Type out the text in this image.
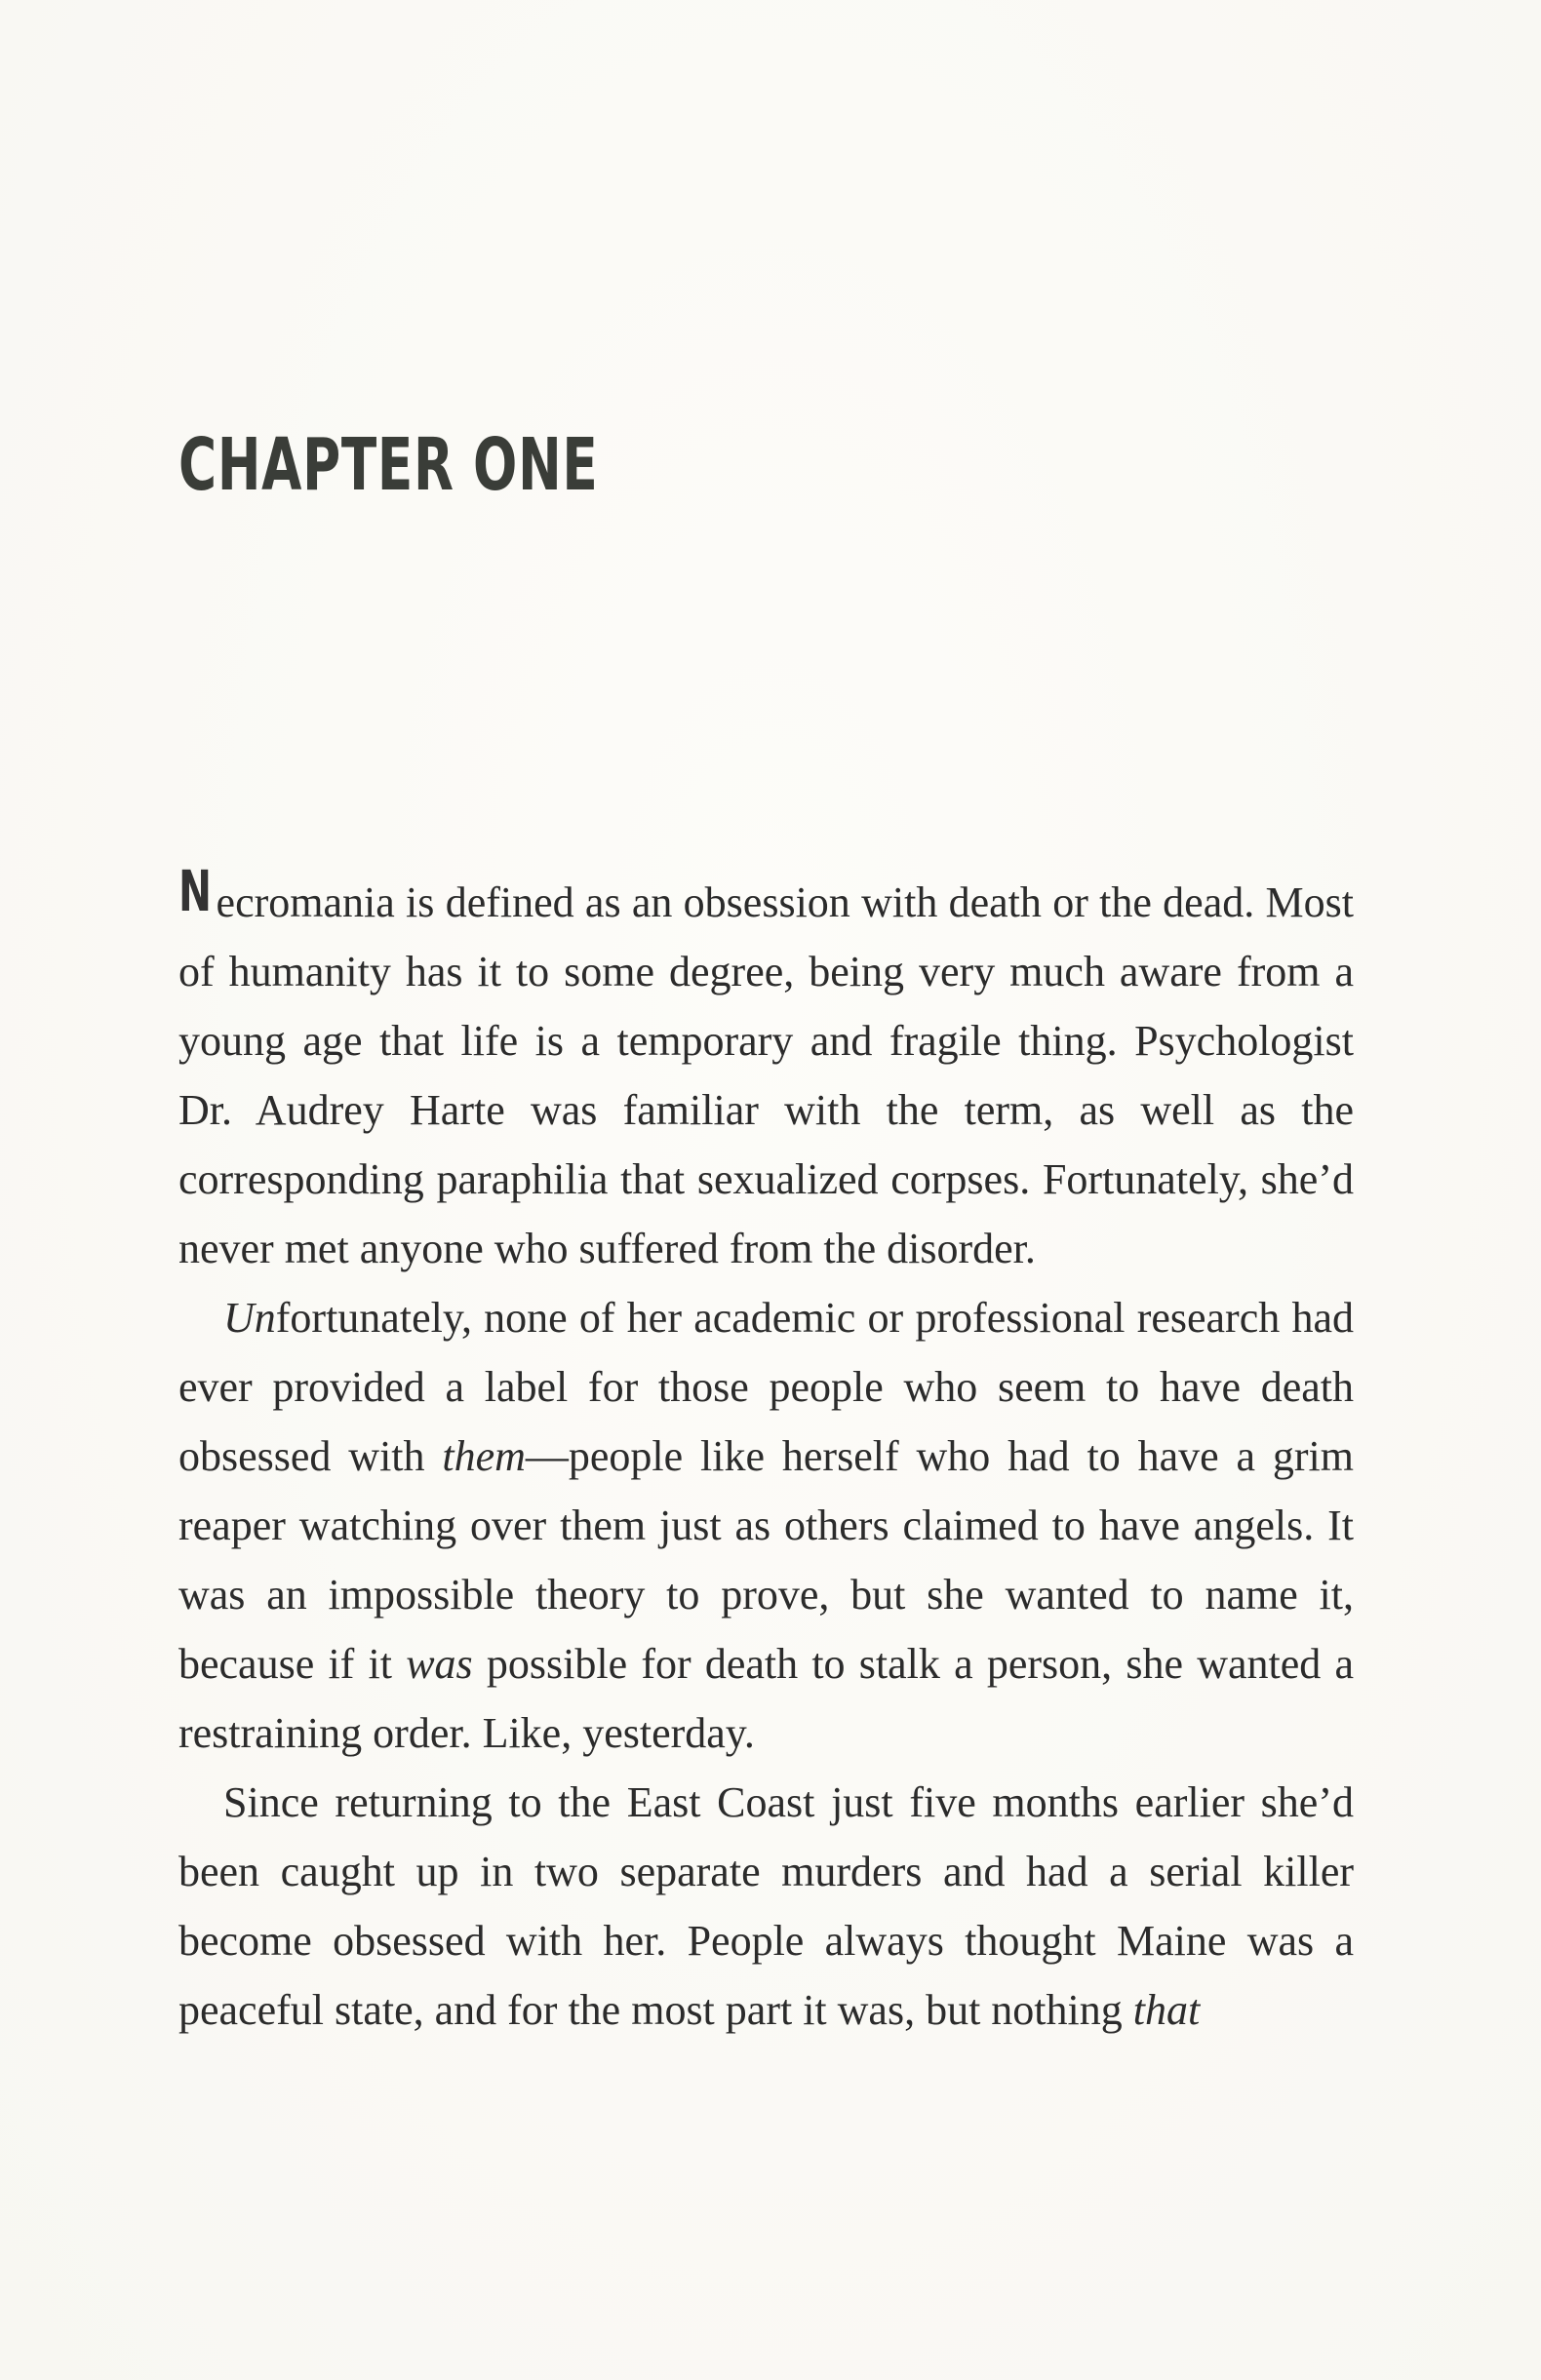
CHAPTER ONE

N ecromania is defined as an obsession with death or the dead. Most of humanity has it to some degree, being very much aware from a young age that life is a temporary and fragile thing. Psychologist Dr. Audrey Harte was familiar with the term, as well as the corresponding paraphilia that sexualized corpses. Fortunately, she’d never met anyone who suffered from the disorder.

Unfortunately, none of her academic or professional research had ever provided a label for those people who seem to have death obsessed with them—people like herself who had to have a grim reaper watching over them just as others claimed to have angels. It was an impossible theory to prove, but she wanted to name it, because if it was possible for death to stalk a person, she wanted a restraining order. Like, yesterday.

Since returning to the East Coast just five months earlier she’d been caught up in two separate murders and had a serial killer become obsessed with her. People always thought Maine was a peaceful state, and for the most part it was, but nothing that
